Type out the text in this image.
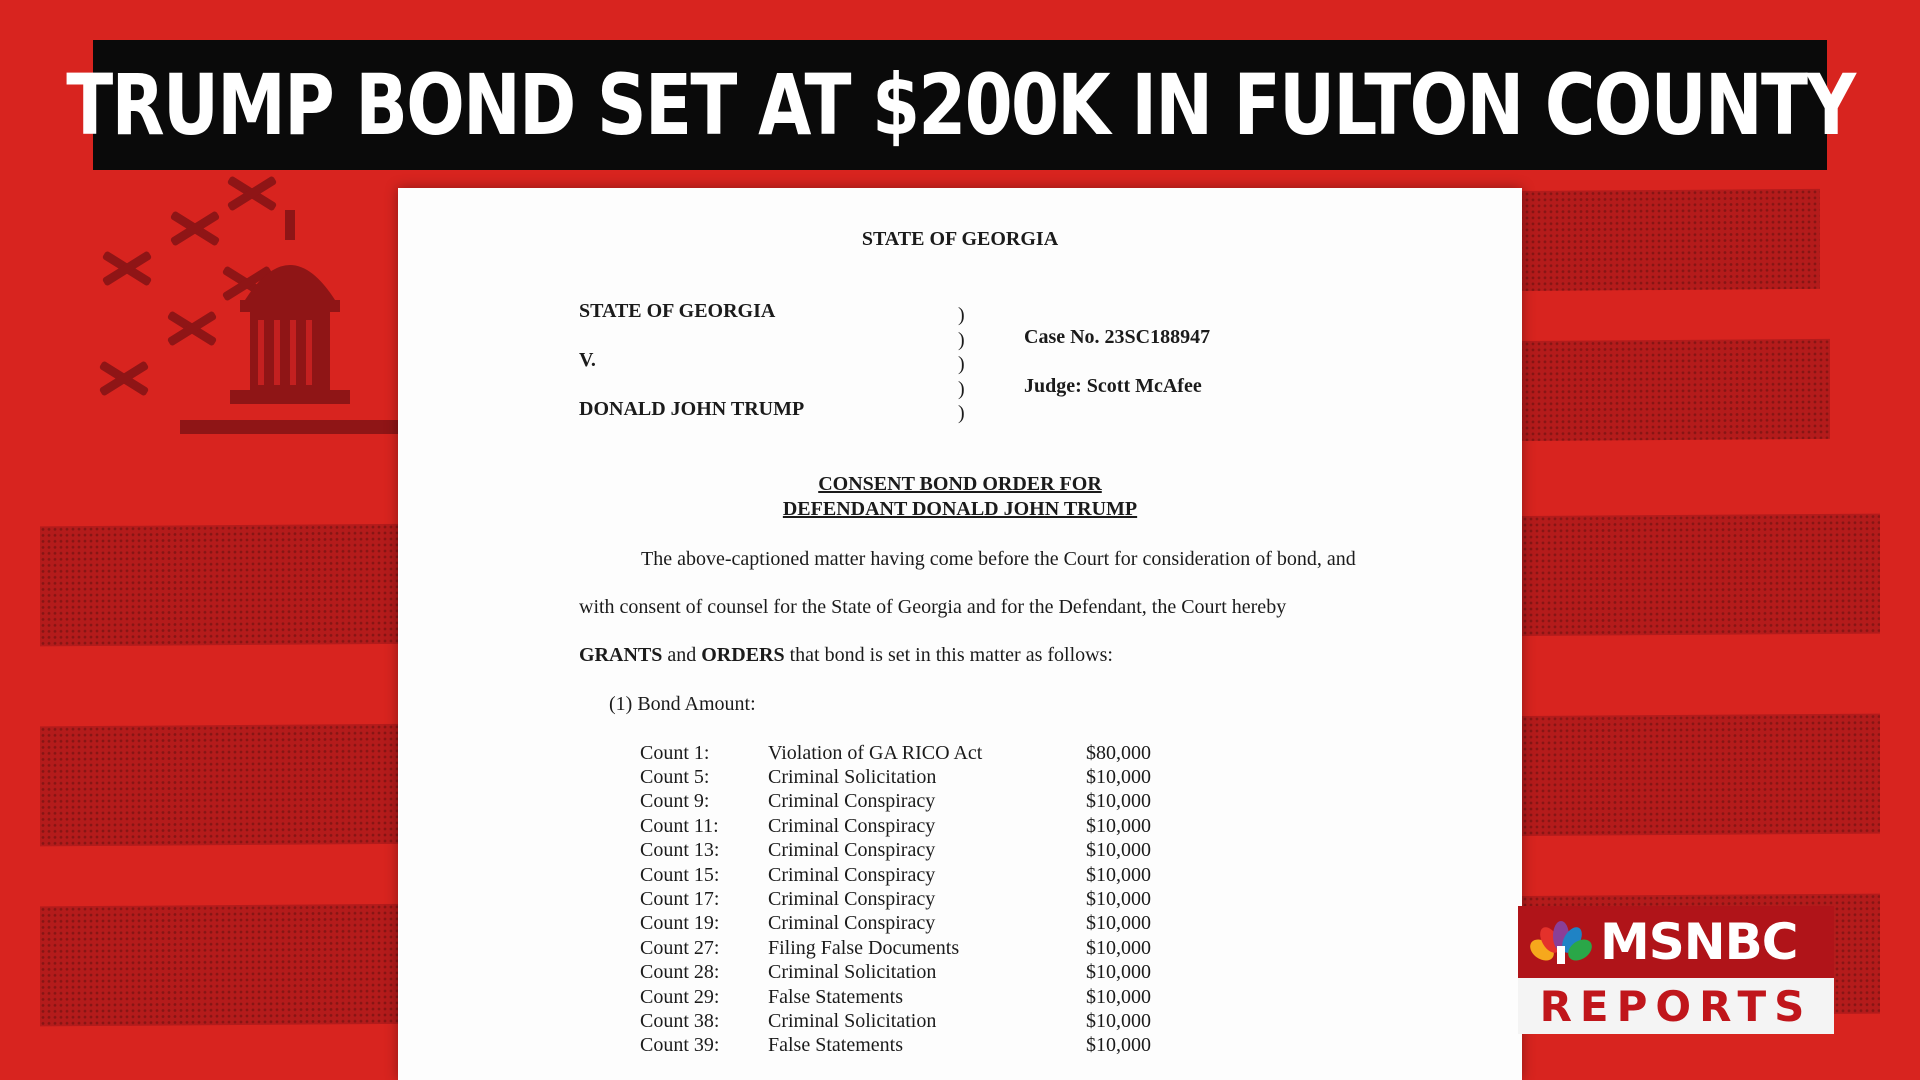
TRUMP BOND SET AT $200K IN FULTON COUNTY
STATE OF GEORGIA
STATE OF GEORGIA
V.
DONALD JOHN TRUMP
)
)
)
)
)
Case No. 23SC188947
Judge: Scott McAfee
CONSENT BOND ORDER FOR
DEFENDANT DONALD JOHN TRUMP
The above-captioned matter having come before the Court for consideration of bond, and
with consent of counsel for the State of Georgia and for the Defendant, the Court hereby
GRANTS and ORDERS that bond is set in this matter as follows:
(1) Bond Amount:
Count 1:	Violation of GA RICO Act	$80,000
Count 5:	Criminal Solicitation	$10,000
Count 9:	Criminal Conspiracy	$10,000
Count 11:	Criminal Conspiracy	$10,000
Count 13:	Criminal Conspiracy	$10,000
Count 15:	Criminal Conspiracy	$10,000
Count 17:	Criminal Conspiracy	$10,000
Count 19:	Criminal Conspiracy	$10,000
Count 27:	Filing False Documents	$10,000
Count 28:	Criminal Solicitation	$10,000
Count 29:	False Statements	$10,000
Count 38:	Criminal Solicitation	$10,000
Count 39:	False Statements	$10,000
MSNBC
REPORTS
